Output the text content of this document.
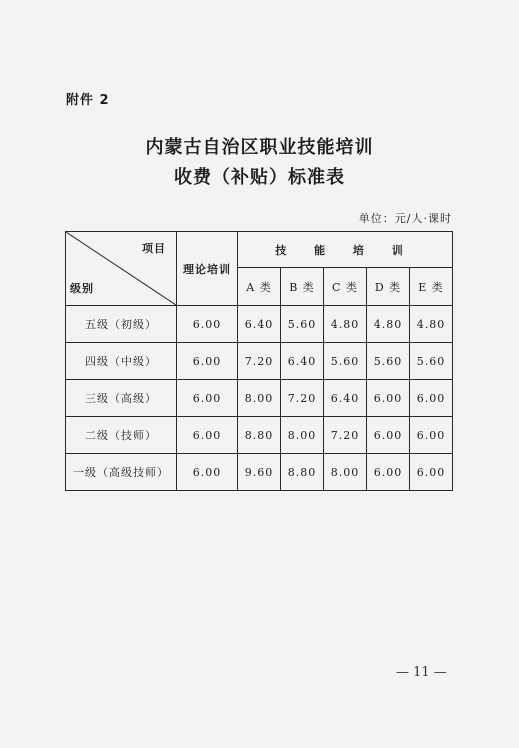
附件 2
内蒙古自治区职业技能培训
收费（补贴）标准表
单位：元/人·课时
项目
级别	理论培训	技 能 培 训				
		A 类	B 类	C 类	D 类	E 类
五级（初级）	6.00	6.40	5.60	4.80	4.80	4.80
四级（中级）	6.00	7.20	6.40	5.60	5.60	5.60
三级（高级）	6.00	8.00	7.20	6.40	6.00	6.00
二级（技师）	6.00	8.80	8.00	7.20	6.00	6.00
一级（高级技师）	6.00	9.60	8.80	8.00	6.00	6.00
— 11 —
